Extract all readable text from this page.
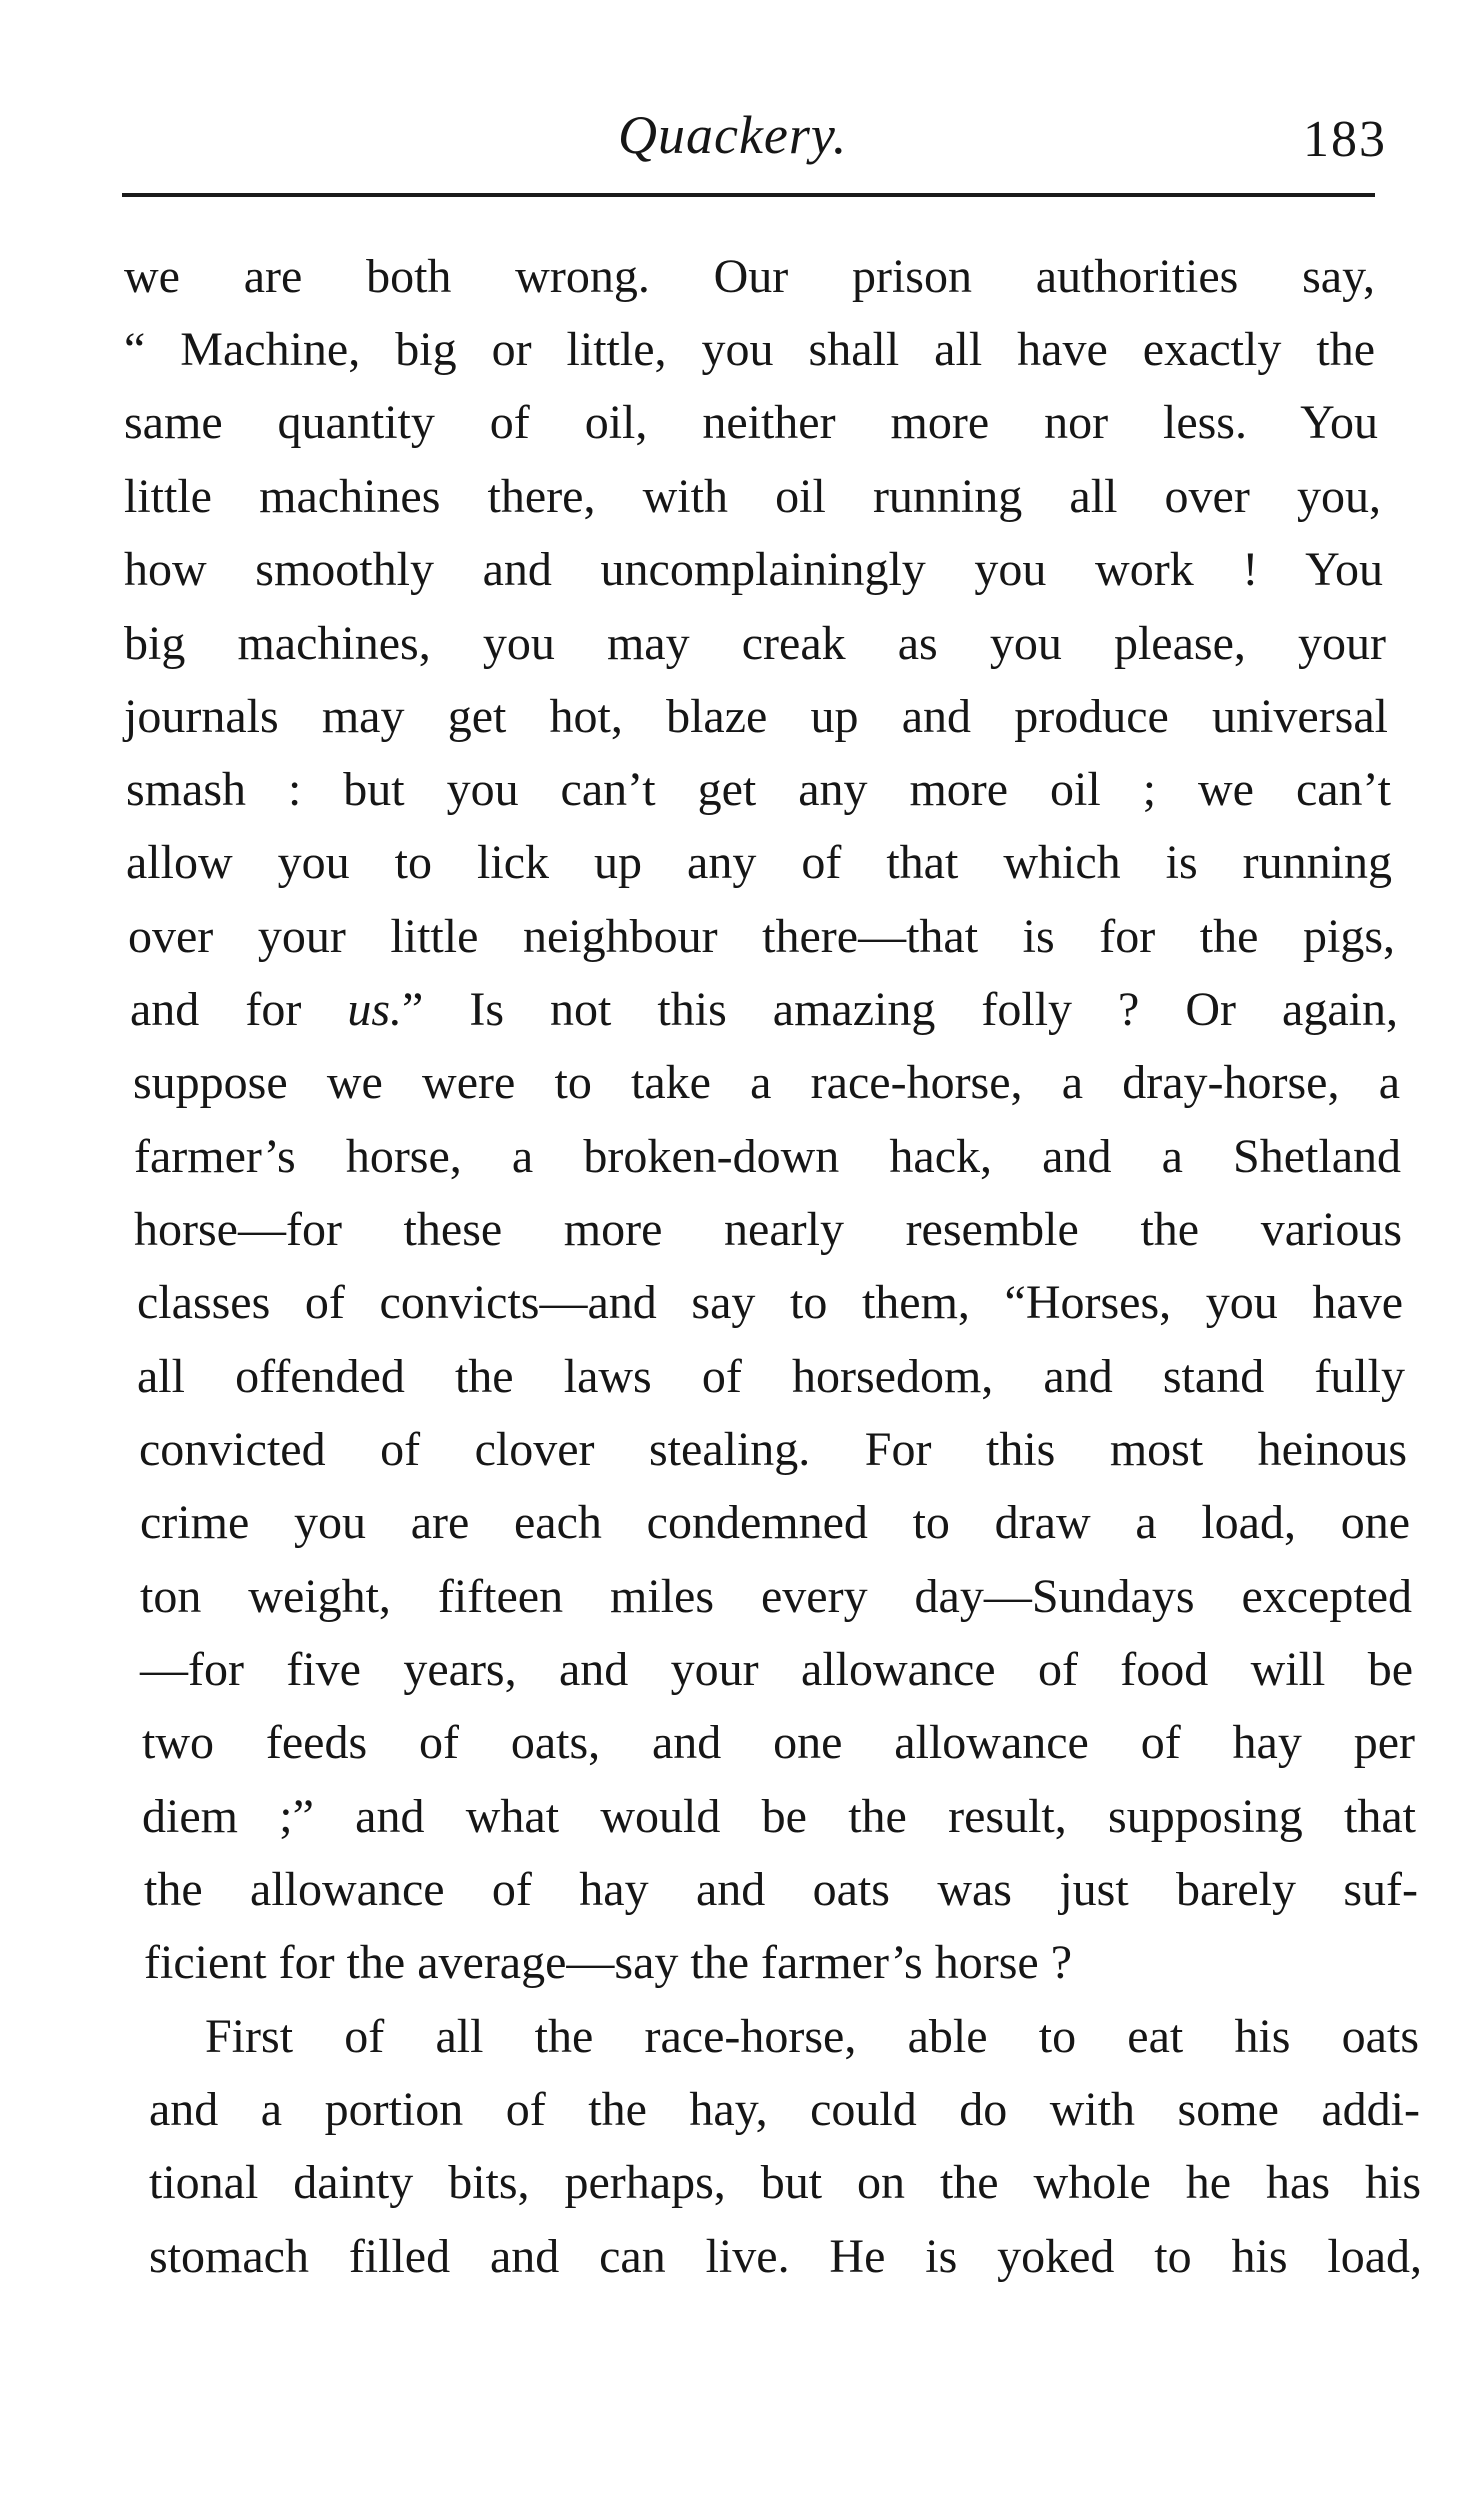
Quackery.	183
we are both wrong. Our prison authorities say,
“ Machine, big or little, you shall all have exactly the
same quantity of oil, neither more nor less. You
little machines there, with oil running all over you,
how smoothly and uncomplainingly you work ! You
big machines, you may creak as you please, your
journals may get hot, blaze up and produce universal
smash : but you can’t get any more oil ; we can’t
allow you to lick up any of that which is running
over your little neighbour there—that is for the pigs,
and for us.” Is not this amazing folly ? Or again,
suppose we were to take a race-horse, a dray-horse, a
farmer’s horse, a broken-down hack, and a Shetland
horse—for these more nearly resemble the various
classes of convicts—and say to them, “Horses, you have
all offended the laws of horsedom, and stand fully
convicted of clover stealing. For this most heinous
crime you are each condemned to draw a load, one
ton weight, fifteen miles every day—Sundays excepted
—for five years, and your allowance of food will be
two feeds of oats, and one allowance of hay per
diem ;” and what would be the result, supposing that
the allowance of hay and oats was just barely suf-
ficient for the average—say the farmer’s horse ?
First of all the race-horse, able to eat his oats
and a portion of the hay, could do with some addi-
tional dainty bits, perhaps, but on the whole he has his
stomach filled and can live. He is yoked to his load,
